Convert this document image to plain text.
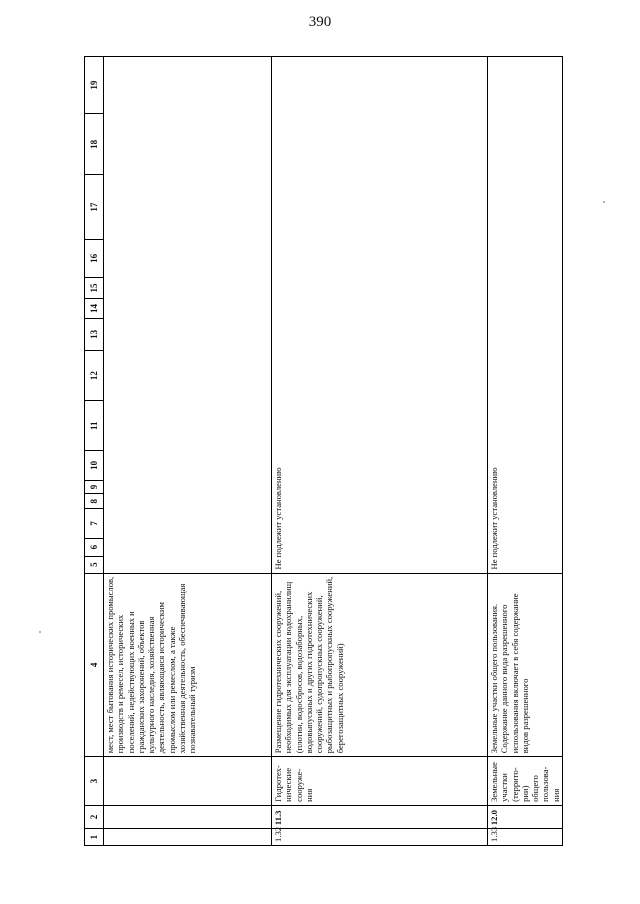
390
1	2	3	4	5	6	7	8	9	10	11	12	13	14	15	16	17	18	19
			мест, мест бытования исторических промыслов, производств и ремесел, исторических поселений, недействующих военных и гражданских захоронений, объектов культурного наследия, хозяйственная деятельность, являющаяся историческим промыслом или ремеслом, а также хозяйственная деятельность, обеспечивающая познавательный туризм															
1.32	11.3	Гидротех-нические сооруже-ния	Размещение гидротехнических сооружений, необходимых для эксплуатации водохранилищ (плотин, водосбросов, водозаборных, водовыпускных и других гидротехнических сооружений, судопропускных сооружений, рыбозащитных и рыбопропускных сооружений, берегозащитных сооружений)	Не подлежит установлению														
1.33	12.0	Земельные участки (террито-рии) общего пользова-ния	Земельные участки общего пользования. Содержание данного вида разрешенного использования включает в себя содержание видов разрешенного	Не подлежит установлению														
